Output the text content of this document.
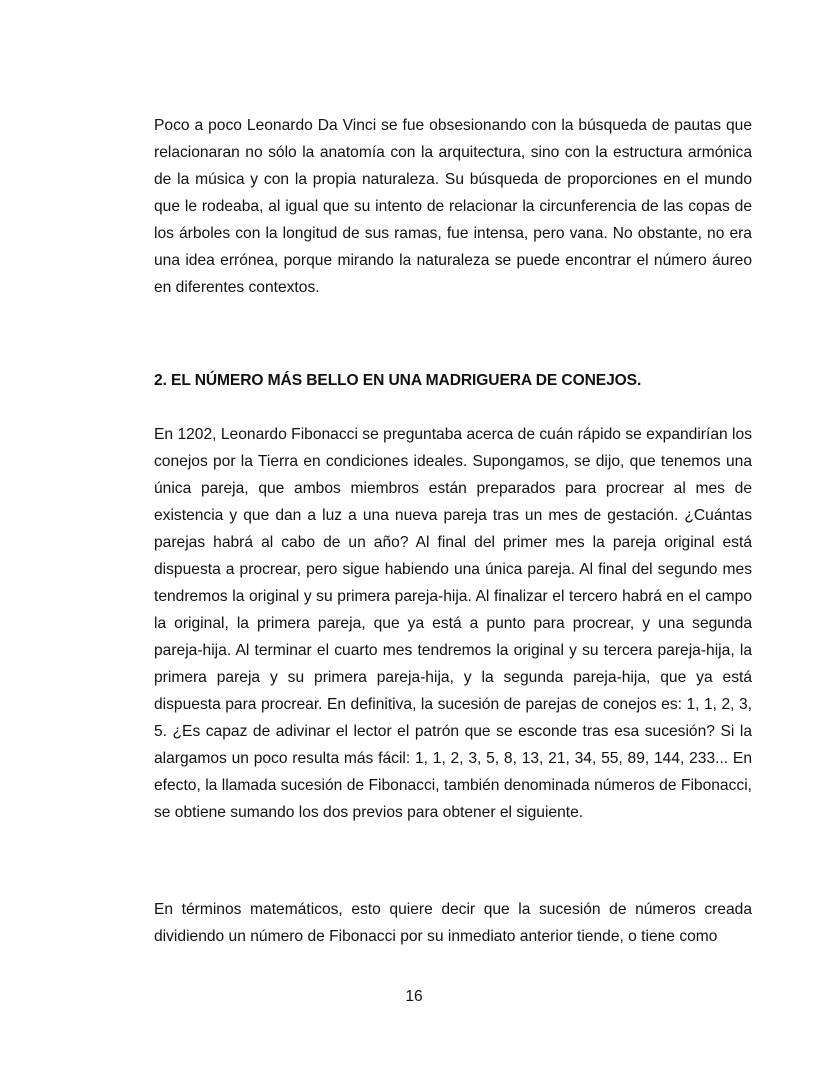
Poco a poco Leonardo Da Vinci se fue obsesionando con la búsqueda de pautas que relacionaran no sólo la anatomía con la arquitectura, sino con la estructura armónica de la música y con la propia naturaleza. Su búsqueda de proporciones en el mundo que le rodeaba, al igual que su intento de relacionar la circunferencia de las copas de los árboles con la longitud de sus ramas, fue intensa, pero vana. No obstante, no era una idea errónea, porque mirando la naturaleza se puede encontrar el número áureo en diferentes contextos.

2. EL NÚMERO MÁS BELLO EN UNA MADRIGUERA DE CONEJOS.

En 1202, Leonardo Fibonacci se preguntaba acerca de cuán rápido se expandirían los conejos por la Tierra en condiciones ideales. Supongamos, se dijo, que tenemos una única pareja, que ambos miembros están preparados para procrear al mes de existencia y que dan a luz a una nueva pareja tras un mes de gestación. ¿Cuántas parejas habrá al cabo de un año? Al final del primer mes la pareja original está dispuesta a procrear, pero sigue habiendo una única pareja. Al final del segundo mes tendremos la original y su primera pareja-hija. Al finalizar el tercero habrá en el campo la original, la primera pareja, que ya está a punto para procrear, y una segunda pareja-hija. Al terminar el cuarto mes tendremos la original y su tercera pareja-hija, la primera pareja y su primera pareja-hija, y la segunda pareja-hija, que ya está dispuesta para procrear. En definitiva, la sucesión de parejas de conejos es: 1, 1, 2, 3, 5. ¿Es capaz de adivinar el lector el patrón que se esconde tras esa sucesión? Si la alargamos un poco resulta más fácil: 1, 1, 2, 3, 5, 8, 13, 21, 34, 55, 89, 144, 233... En efecto, la llamada sucesión de Fibonacci, también denominada números de Fibonacci, se obtiene sumando los dos previos para obtener el siguiente.

En términos matemáticos, esto quiere decir que la sucesión de números creada dividiendo un número de Fibonacci por su inmediato anterior tiende, o tiene como

16
